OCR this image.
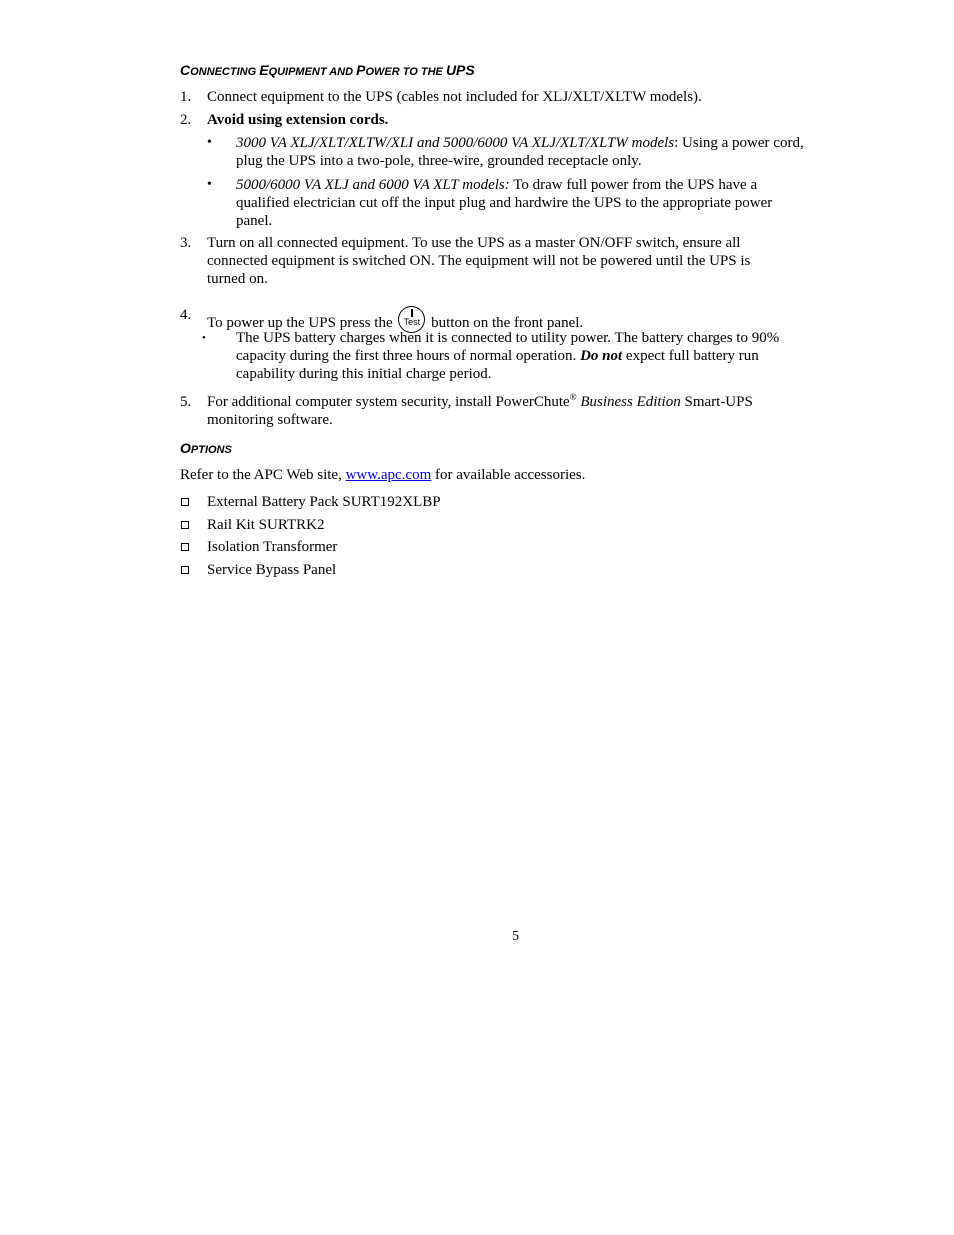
CONNECTING EQUIPMENT AND POWER TO THE UPS
1. Connect equipment to the UPS (cables not included for XLJ/XLT/XLTW models).
2. Avoid using extension cords.
• 3000 VA XLJ/XLT/XLTW/XLI and 5000/6000 VA XLJ/XLT/XLTW models: Using a power cord, plug the UPS into a two-pole, three-wire, grounded receptacle only.
• 5000/6000 VA XLJ and 6000 VA XLT models: To draw full power from the UPS have a qualified electrician cut off the input plug and hardwire the UPS to the appropriate power panel.
3. Turn on all connected equipment. To use the UPS as a master ON/OFF switch, ensure all connected equipment is switched ON. The equipment will not be powered until the UPS is turned on.
4. To power up the UPS press the	Test button on the front panel.
• The UPS battery charges when it is connected to utility power. The battery charges to 90% capacity during the first three hours of normal operation. Do not expect full battery run capability during this initial charge period.
5. For additional computer system security, install PowerChute® Business Edition Smart-UPS monitoring software.
OPTIONS
Refer to the APC Web site, www.apc.com for available accessories.
External Battery Pack SURT192XLBP
Rail Kit SURTRK2
Isolation Transformer
Service Bypass Panel
5
